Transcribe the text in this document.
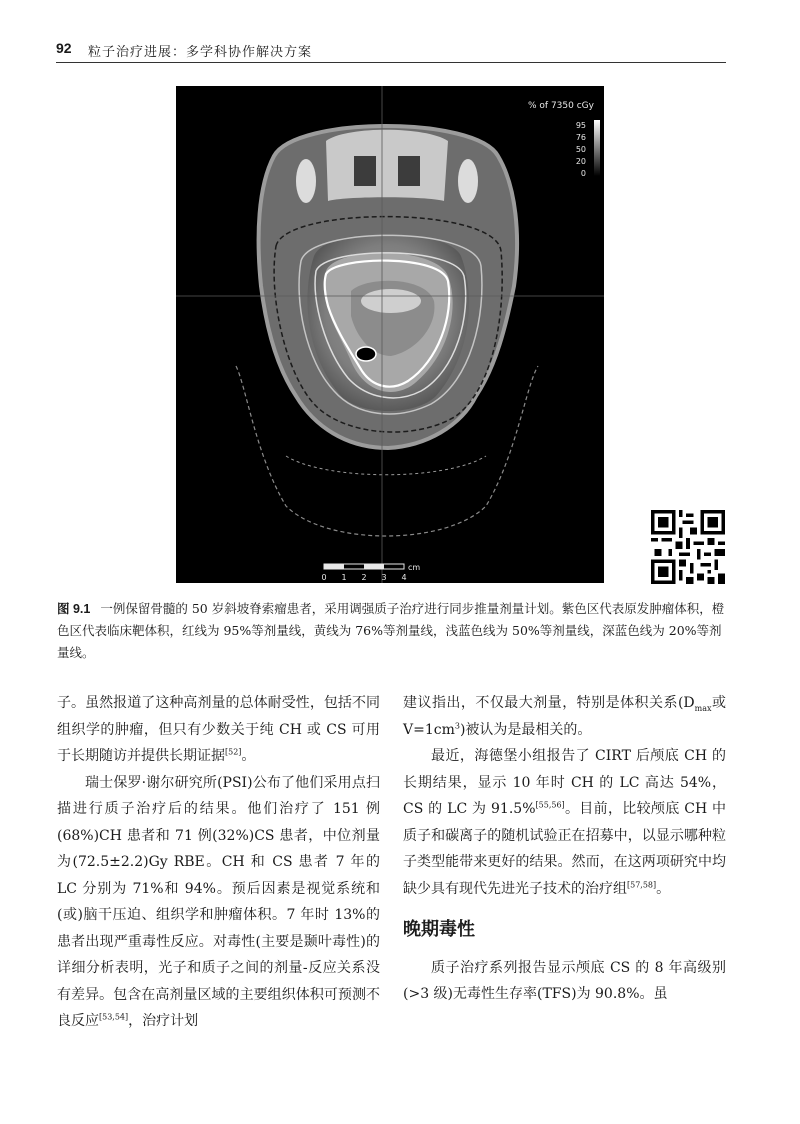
92 粒子治疗进展：多学科协作解决方案
% of 7350 cGy
95
76
50
20
0
cm
0 1 2 3 4
图 9.1 一例保留骨髓的 50 岁斜坡脊索瘤患者，采用调强质子治疗进行同步推量剂量计划。紫色区代表原发肿瘤体积，橙色区代表临床靶体积，红线为 95%等剂量线，黄线为 76%等剂量线，浅蓝色线为 50%等剂量线，深蓝色线为 20%等剂量线。

子。虽然报道了这种高剂量的总体耐受性，包括不同组织学的肿瘤，但只有少数关于纯 CH 或 CS 可用于长期随访并提供长期证据[52]。

瑞士保罗·谢尔研究所(PSI)公布了他们采用点扫描进行质子治疗后的结果。他们治疗了 151 例(68%)CH 患者和 71 例(32%)CS 患者，中位剂量为(72.5±2.2)Gy RBE。CH 和 CS 患者 7 年的 LC 分别为 71%和 94%。预后因素是视觉系统和(或)脑干压迫、组织学和肿瘤体积。7 年时 13%的患者出现严重毒性反应。对毒性(主要是颞叶毒性)的详细分析表明，光子和质子之间的剂量-反应关系没有差异。包含在高剂量区域的主要组织体积可预测不良反应[53,54]，治疗计划

建议指出，不仅最大剂量，特别是体积关系($D_{max}$或 $V=1cm^3$)被认为是最相关的。

最近，海德堡小组报告了 CIRT 后颅底 CH 的长期结果，显示 10 年时 CH 的 LC 高达 54%，CS 的 LC 为 91.5%[55,56]。目前，比较颅底 CH 中质子和碳离子的随机试验正在招募中，以显示哪种粒子类型能带来更好的结果。然而，在这两项研究中均缺少具有现代先进光子技术的治疗组[57,58]。

晚期毒性

质子治疗系列报告显示颅底 CS 的 8 年高级别(>3 级)无毒性生存率(TFS)为 90.8%。虽
